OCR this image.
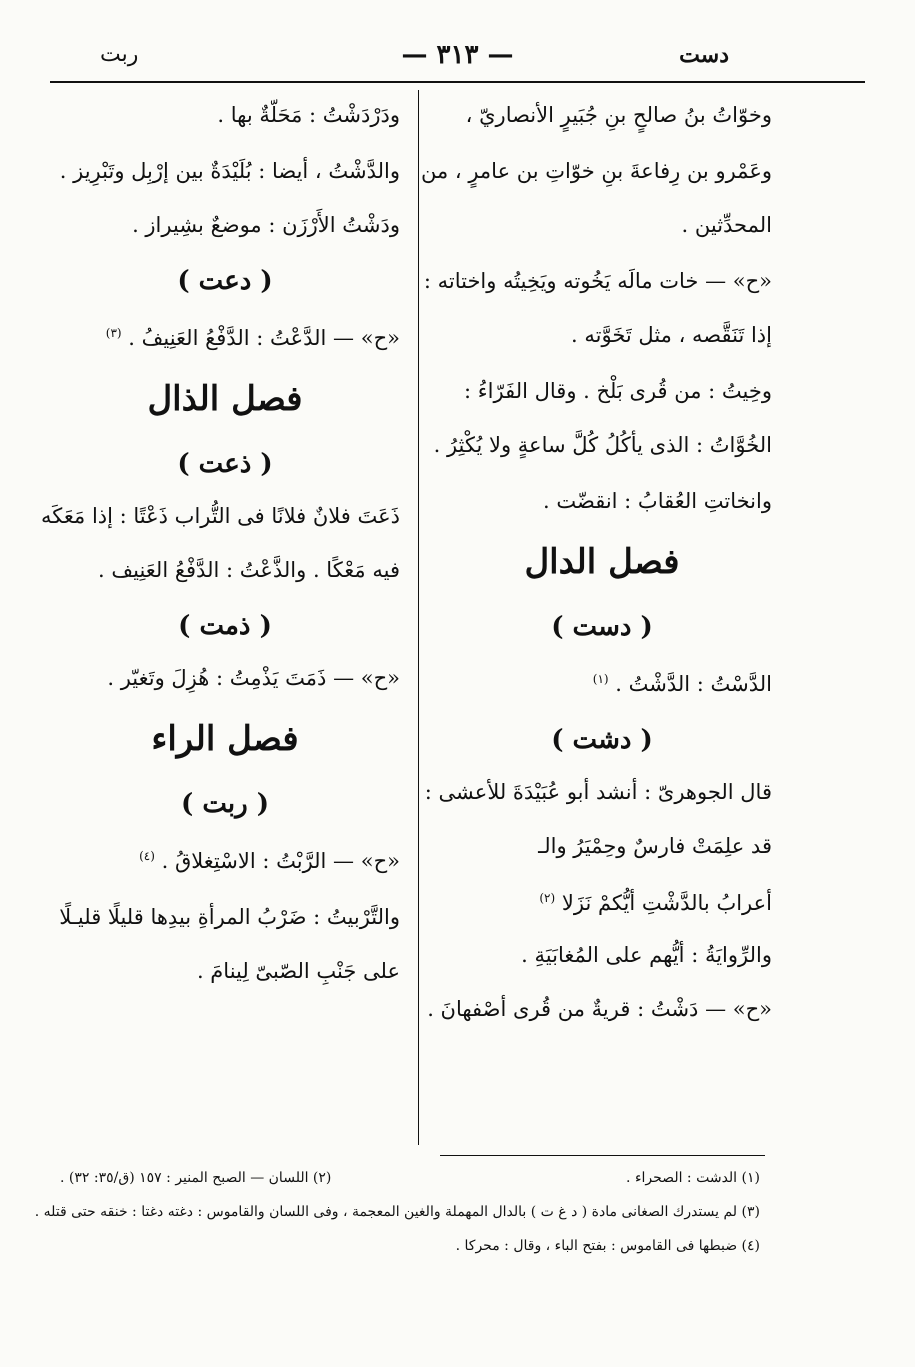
دست
— ٣١٣ —
ربت
وخوّاتُ بنُ صالحٍ بنِ جُبَيرٍ الأنصاريّ ،
وعَمْرو بن رِفاعةَ بنِ خوّاتِ بن عامرٍ ، من
المحدِّثين .
«ح» — خات مالَه يَخُوته ويَخِيتُه واختاته :
إذا تَنَقَّصه ، مثل تَخَوَّته .
وخِيتُ : من قُرى بَلْخ . وقال الفَرّاءُ :
الخُوَّاتُ : الذى يأكُلُ كُلَّ ساعةٍ ولا يُكْثِرُ .
وانخاتتِ العُقابُ : انقضّت .
فصل الدال
( دست )
الدَّسْتُ : الدَّشْتُ . $^{(١)}$
( دشت )
قال الجوهرىّ : أنشد أبو عُبَيْدَةَ للأعشى :
قد علِمَتْ فارسٌ وحِمْيَرُ والـ
أعرابُ بالدَّشْتِ أيُّكمْ نَزَلا $^{(٢)}$
والرِّوايَةُ : أيُّهم على المُغابَيَةِ .
«ح» — دَشْتُ : قريةٌ من قُرى أصْفهانَ .
ودَرْدَشْتُ : مَحَلّةٌ بها .
والدَّشْتُ ، أيضا : بُلَيْدَةٌ بين إرْبِل وتَبْرِيز .
ودَشْتُ الأَرْزَن : موضعٌ بشِيراز .
( دعت )
«ح» — الدَّعْتُ : الدَّفْعُ العَنِيفُ . $^{(٣)}$
فصل الذال
( ذعت )
ذَعَتَ فلانٌ فلانًا فى التُّراب ذَعْتًا : إذا مَعَكَه
فيه مَعْكًا . والذَّعْتُ : الدَّفْعُ العَنِيف .
( ذمت )
«ح» — ذَمَتَ يَذْمِتُ : هُزِلَ وتَغيّر .
فصل الراء
( ربت )
«ح» — الرَّبْتُ : الاسْتِغلاقُ . $^{(٤)}$
والتَّرْبيتُ : ضَرْبُ المرأةِ بيدِها قليلًا قليـلًا
على جَنْبِ الصّبىّ لِينامَ .
(١) الدشت : الصحراء .
(٢) اللسان — الصبح المنير : ١٥٧ (ق/٣٥: ٣٢) .
(٣) لم يستدرك الصغانى مادة ( د غ ت ) بالدال المهملة والغين المعجمة ، وفى اللسان والقاموس : دغته دغتا : خنقه حتى قتله .
(٤) ضبطها فى القاموس : بفتح الباء ، وقال : محركا .
